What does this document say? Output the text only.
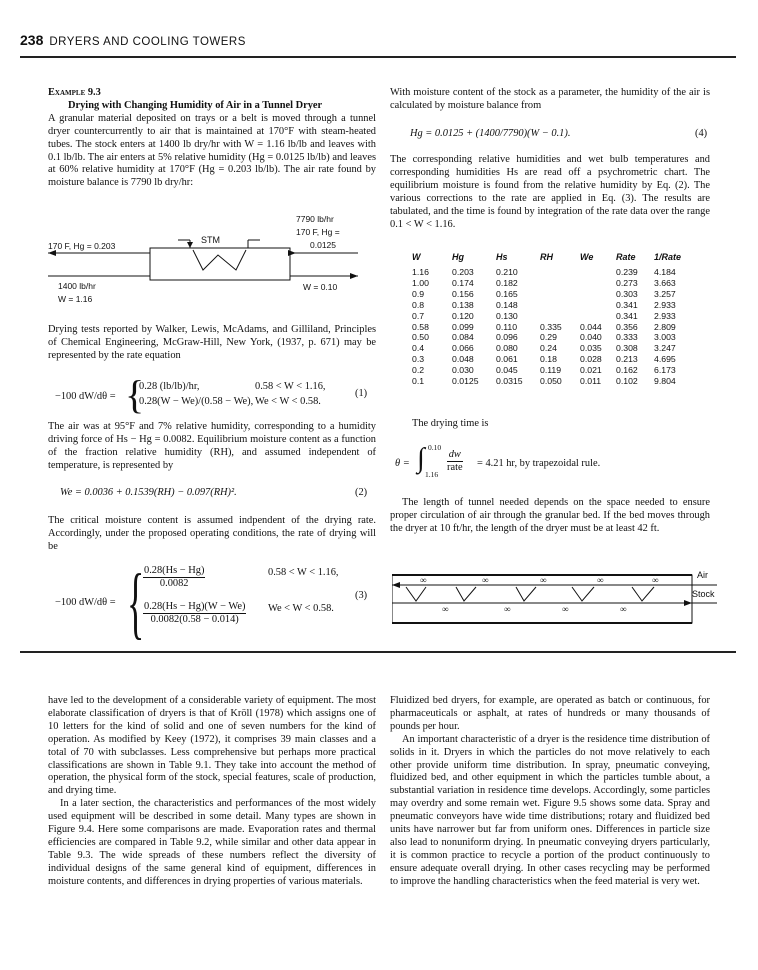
238 DRYERS AND COOLING TOWERS

Example 9.3

Drying with Changing Humidity of Air in a Tunnel Dryer

A granular material deposited on trays or a belt is moved through a tunnel dryer countercurrently to air that is maintained at 170°F with steam-heated tubes. The stock enters at 1400 lb dry/hr with W = 1.16 lb/lb and leaves with 0.1 lb/lb. The air enters at 5% relative humidity (Hg = 0.0125 lb/lb) and leaves at 60% relative humidity at 170°F (Hg = 0.203 lb/lb). The air rate found by moisture balance is 7790 lb dry/hr:

170 F, Hg = 0.203
STM
7790 lb/hr
170 F, Hg =
0.0125
1400 lb/hr
W = 1.16
W = 0.10

Drying tests reported by Walker, Lewis, McAdams, and Gilliland, Principles of Chemical Engineering, McGraw-Hill, New York, (1937, p. 671) may be represented by the rate equation

−100 dW/dθ = {
0.28 (lb/lb)/hr,	0.58 < W < 1.16,
0.28(W − We)/(0.58 − We), We < W < 0.58.
(1)

The air was at 95°F and 7% relative humidity, corresponding to a humidity driving force of Hs − Hg = 0.0082. Equilibrium moisture content as a function of the fraction relative humidity (RH), and assumed independent of temperature, is represented by

We = 0.0036 + 0.1539(RH) − 0.097(RH)².	(2)

The critical moisture content is assumed indpendent of the drying rate. Accordingly, under the proposed operating conditions, the rate of drying will be

−100 dW/dθ = {
$\frac{0.28(Hs - Hg)}{0.0082}$	0.58 < W < 1.16,
$\frac{0.28(Hs - Hg)(W - We)}{0.0082(0.58 - 0.014)}$ We < W < 0.58.
(3)

With moisture content of the stock as a parameter, the humidity of the air is calculated by moisture balance from

Hg = 0.0125 + (1400/7790)(W − 0.1).	(4)

The corresponding relative humidities and wet bulb temperatures and corresponding humidities Hs are read off a psychrometric chart. The equilibrium moisture is found from the relative humidity by Eq. (2). The various corrections to the rate are applied in Eq. (3). The results are tabulated, and the time is found by integration of the rate data over the range 0.1 < W < 1.16.

W	Hg	Hs	RH	We	Rate	1/Rate
1.16	0.203	0.210			0.239	4.184
1.00	0.174	0.182			0.273	3.663
0.9	0.156	0.165			0.303	3.257
0.8	0.138	0.148			0.341	2.933
0.7	0.120	0.130			0.341	2.933
0.58	0.099	0.110	0.335	0.044	0.356	2.809
0.50	0.084	0.096	0.29	0.040	0.333	3.003
0.4	0.066	0.080	0.24	0.035	0.308	3.247
0.3	0.048	0.061	0.18	0.028	0.213	4.695
0.2	0.030	0.045	0.119	0.021	0.162	6.173
0.1	0.0125	0.0315	0.050	0.011	0.102	9.804
The drying time is
θ = ∫ 0.10
1.16
dw
rate = 4.21 hr, by trapezoidal rule.

The length of tunnel needed depends on the space needed to ensure proper circulation of air through the granular bed. If the bed moves through the dryer at 10 ft/hr, the length of the dryer must be at least 42 ft.

∞	∞	∞	∞	∞
∞	∞	∞	∞
Air
Stock

have led to the development of a considerable variety of equipment. The most elaborate classification of dryers is that of Kröll (1978) which assigns one of 10 letters for the kind of solid and one of seven numbers for the kind of operation. As modified by Keey (1972), it comprises 39 main classes and a total of 70 with subclasses. Less comprehensive but perhaps more practical classifications are shown in Table 9.1. They take into account the method of operation, the physical form of the stock, special features, scale of production, and drying time.

In a later section, the characteristics and performances of the most widely used equipment will be described in some detail. Many types are shown in Figure 9.4. Here some comparisons are made. Evaporation rates and thermal efficiencies are compared in Table 9.2, while similar and other data appear in Table 9.3. The wide spreads of these numbers reflect the diversity of individual designs of the same general kind of equipment, differences in moisture contents, and differences in drying properties of various materials.

Fluidized bed dryers, for example, are operated as batch or continuous, for pharmaceuticals or asphalt, at rates of hundreds or many thousands of pounds per hour.

An important characteristic of a dryer is the residence time distribution of solids in it. Dryers in which the particles do not move relatively to each other provide uniform time distribution. In spray, pneumatic conveying, fluidized bed, and other equipment in which the particles tumble about, a substantial variation in residence time develops. Accordingly, some particles may overdry and some remain wet. Figure 9.5 shows some data. Spray and pneumatic conveyors have wide time distributions; rotary and fluidized bed units have narrower but far from uniform ones. Differences in particle size also lead to nonuniform drying. In pneumatic conveying dryers particularly, it is common practice to recycle a portion of the product continuously to ensure adequate overall drying. In other cases recycling may be performed to improve the handling characteristics when the feed material is very wet.
